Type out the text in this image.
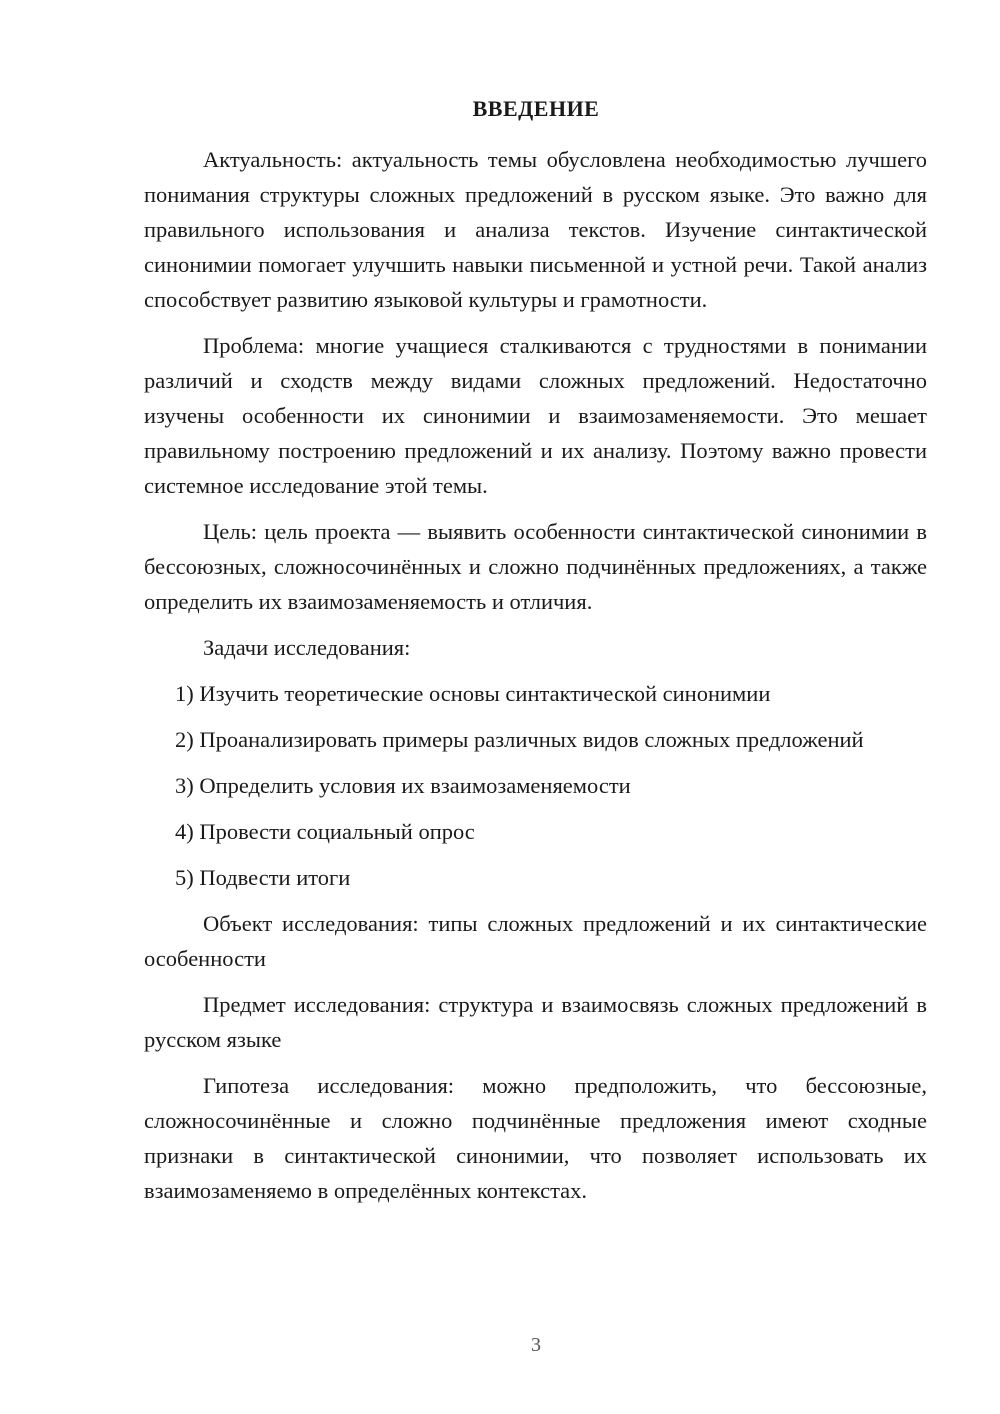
ВВЕДЕНИЕ

Актуальность: актуальность темы обусловлена необходимостью лучшего понимания структуры сложных предложений в русском языке. Это важно для правильного использования и анализа текстов. Изучение синтактической синонимии помогает улучшить навыки письменной и устной речи. Такой анализ способствует развитию языковой культуры и грамотности.

Проблема: многие учащиеся сталкиваются с трудностями в понимании различий и сходств между видами сложных предложений. Недостаточно изучены особенности их синонимии и взаимозаменяемости. Это мешает правильному построению предложений и их анализу. Поэтому важно провести системное исследование этой темы.

Цель: цель проекта — выявить особенности синтактической синонимии в бессоюзных, сложносочинённых и сложно подчинённых предложениях, а также определить их взаимозаменяемость и отличия.

Задачи исследования:

1) Изучить теоретические основы синтактической синонимии

2) Проанализировать примеры различных видов сложных предложений

3) Определить условия их взаимозаменяемости

4) Провести социальный опрос

5) Подвести итоги

Объект исследования: типы сложных предложений и их синтактические особенности

Предмет исследования: структура и взаимосвязь сложных предложений в русском языке

Гипотеза исследования: можно предположить, что бессоюзные, сложносочинённые и сложно подчинённые предложения имеют сходные признаки в синтактической синонимии, что позволяет использовать их взаимозаменяемо в определённых контекстах.

3
